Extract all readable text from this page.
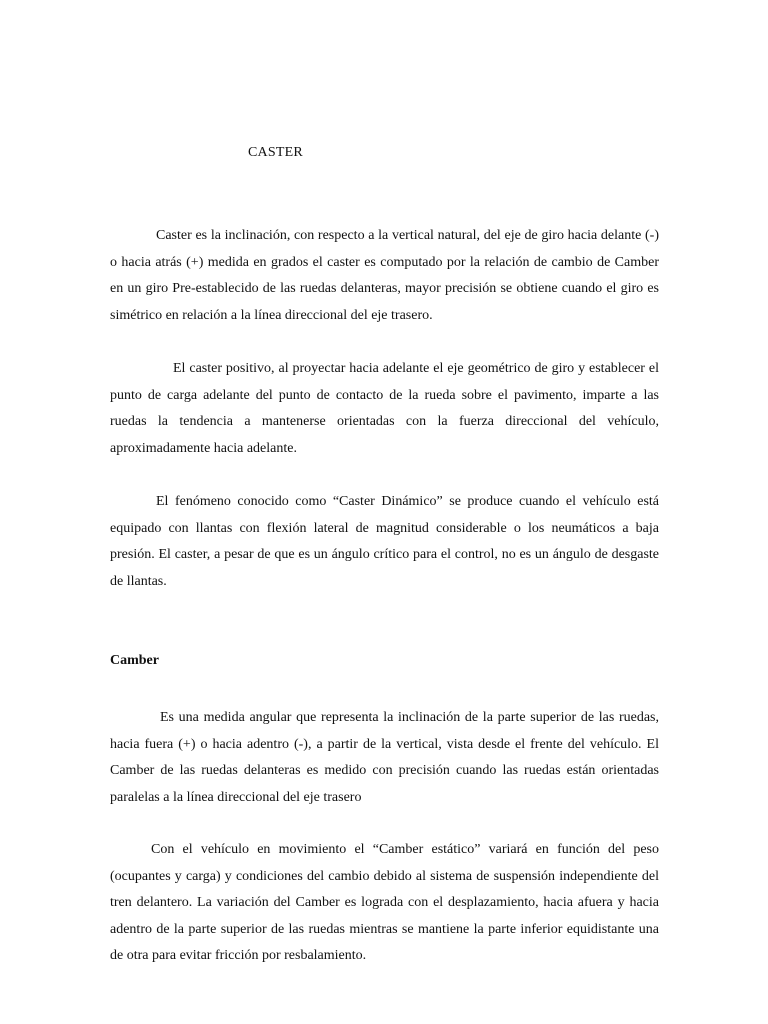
CASTER

Caster es la inclinación, con respecto a la vertical natural, del eje de giro hacia delante (-) o hacia atrás (+) medida en grados el caster es computado por la relación de cambio de Camber en un giro Pre-establecido de las ruedas delanteras, mayor precisión se obtiene cuando el giro es simétrico en relación a la línea direccional del eje trasero.

El caster positivo, al proyectar hacia adelante el eje geométrico de giro y establecer el punto de carga adelante del punto de contacto de la rueda sobre el pavimento, imparte a las ruedas la tendencia a mantenerse orientadas con la fuerza direccional del vehículo, aproximadamente hacia adelante.

El fenómeno conocido como “Caster Dinámico” se produce cuando el vehículo está equipado con llantas con flexión lateral de magnitud considerable o los neumáticos a baja presión. El caster, a pesar de que es un ángulo crítico para el control, no es un ángulo de desgaste de llantas.

Camber

Es una medida angular que representa la inclinación de la parte superior de las ruedas, hacia fuera (+) o hacia adentro (-), a partir de la vertical, vista desde el frente del vehículo. El Camber de las ruedas delanteras es medido con precisión cuando las ruedas están orientadas paralelas a la línea direccional del eje trasero

Con el vehículo en movimiento el “Camber estático” variará en función del peso (ocupantes y carga) y condiciones del cambio debido al sistema de suspensión independiente del tren delantero. La variación del Camber es lograda con el desplazamiento, hacia afuera y hacia adentro de la parte superior de las ruedas mientras se mantiene la parte inferior equidistante una de otra para evitar fricción por resbalamiento.
